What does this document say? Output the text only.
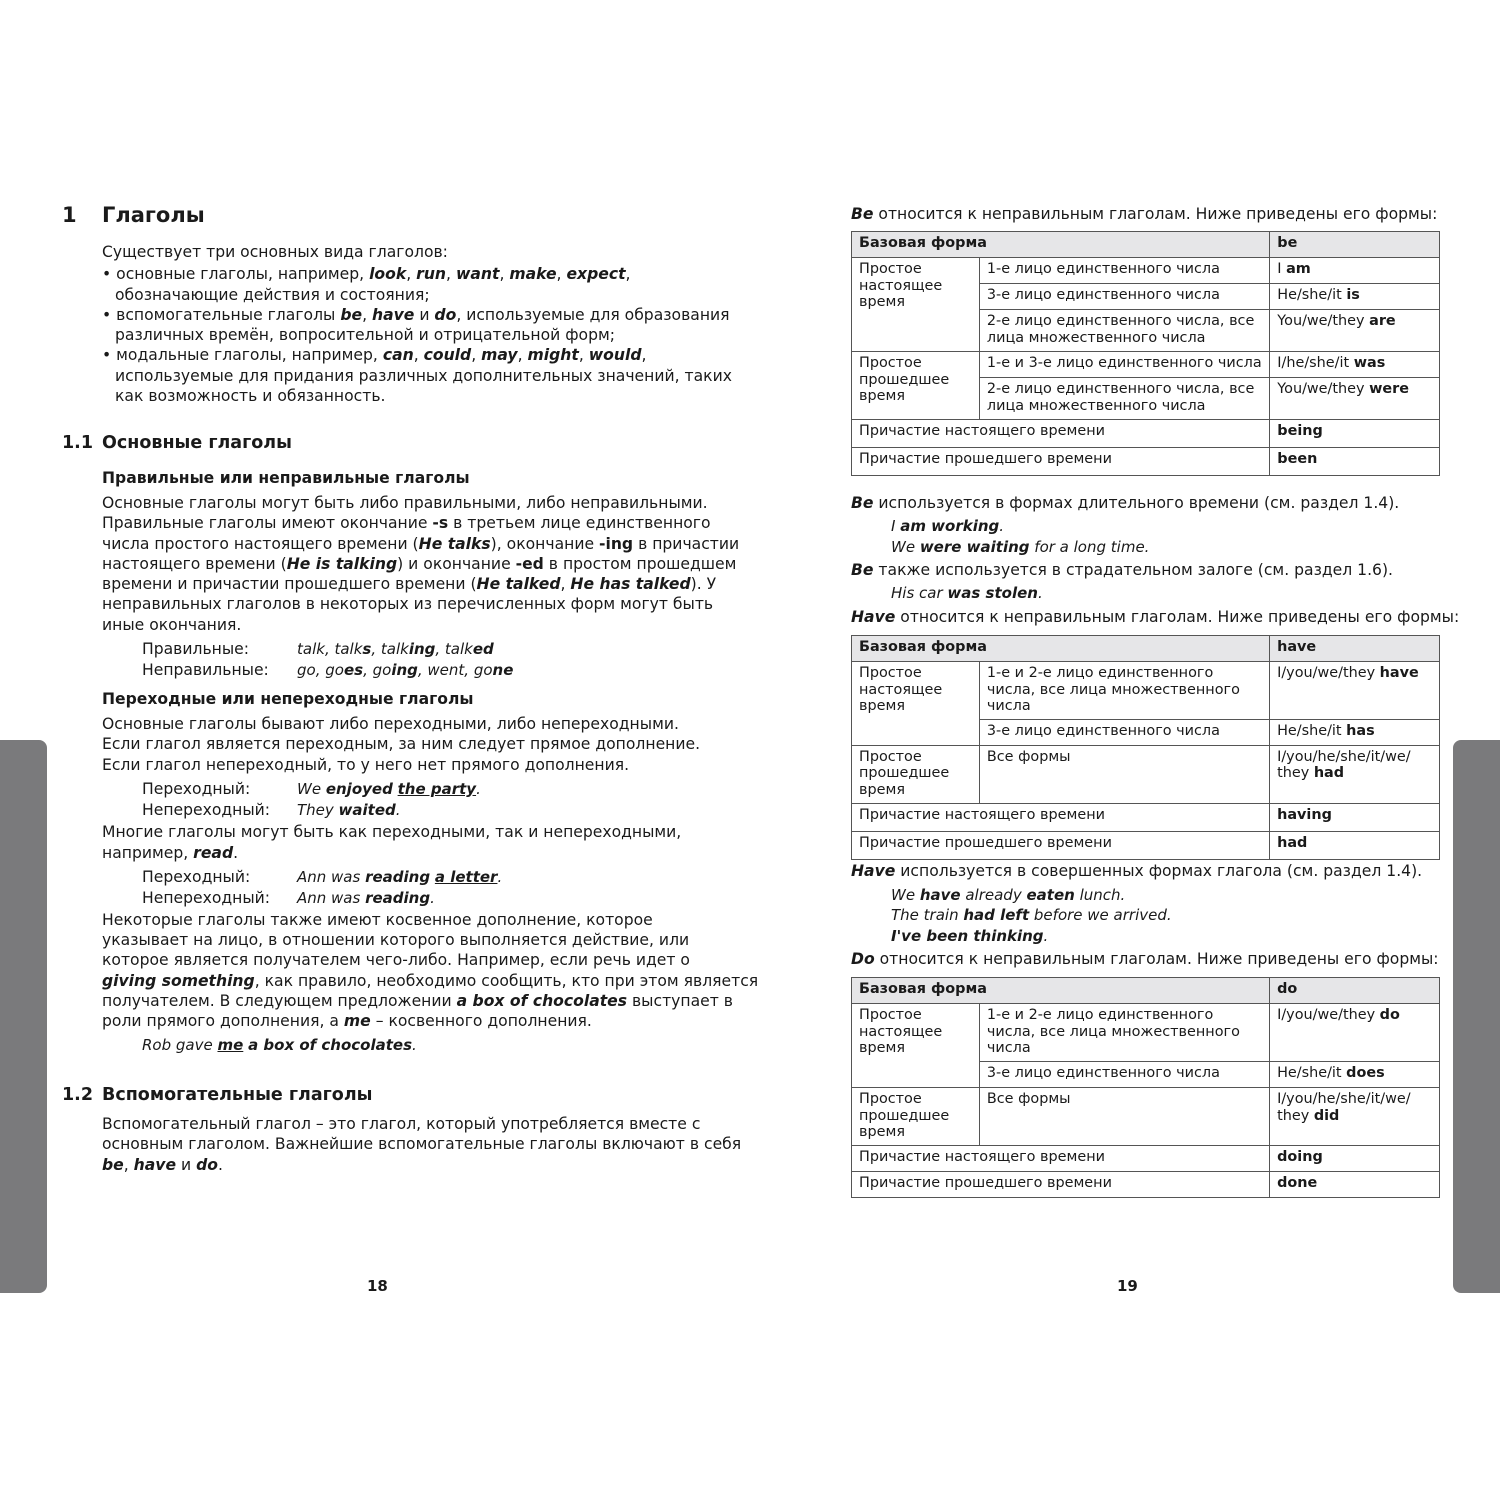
1 Глаголы
Существует три основных вида глаголов:
• основные глаголы, например, look, run, want, make, expect,
обозначающие действия и состояния;
• вспомогательные глаголы be, have и do, используемые для образования
различных времён, вопросительной и отрицательной форм;
• модальные глаголы, например, can, could, may, might, would,
используемые для придания различных дополнительных значений, таких
как возможность и обязанность.
1.1 Основные глаголы
Правильные или неправильные глаголы
Основные глаголы могут быть либо правильными, либо неправильными.
Правильные глаголы имеют окончание -s в третьем лице единственного
числа простого настоящего времени (He talks), окончание -ing в причастии
настоящего времени (He is talking) и окончание -ed в простом прошедшем
времени и причастии прошедшего времени (He talked, He has talked). У
неправильных глаголов в некоторых из перечисленных форм могут быть
иные окончания.
Правильные:	talk, talks, talking, talked
Неправильные: go, goes, going, went, gone
Переходные или непереходные глаголы
Основные глаголы бывают либо переходными, либо непереходными.
Если глагол является переходным, за ним следует прямое дополнение.
Если глагол непереходный, то у него нет прямого дополнения.
Переходный:	We enjoyed the party.
Непереходный: They waited.
Многие глаголы могут быть как переходными, так и непереходными,
например, read.
Переходный:	Ann was reading a letter.
Непереходный: Ann was reading.
Некоторые глаголы также имеют косвенное дополнение, которое
указывает на лицо, в отношении которого выполняется действие, или
которое является получателем чего-либо. Например, если речь идет о
giving something, как правило, необходимо сообщить, кто при этом является
получателем. В следующем предложении a box of chocolates выступает в
роли прямого дополнения, а me – косвенного дополнения.
Rob gave me a box of chocolates.
1.2 Вспомогательные глаголы
Вспомогательный глагол – это глагол, который употребляется вместе с
основным глаголом. Важнейшие вспомогательные глаголы включают в себя
be, have и do.
18
Be относится к неправильным глаголам. Ниже приведены его формы:
Базовая форма		be
Простое настоящее время	1-е лицо единственного числа	I am
	3-е лицо единственного числа	He/she/it is
	2-е лицо единственного числа, все лица множественного числа	You/we/they are
Простое прошедшее время	1-е и 3-е лицо единственного числа	I/he/she/it was
	2-е лицо единственного числа, все лица множественного числа	You/we/they were
Причастие настоящего времени		being
Причастие прошедшего времени		been
Be используется в формах длительного времени (см. раздел 1.4).
I am working.
We were waiting for a long time.
Be также используется в страдательном залоге (см. раздел 1.6).
His car was stolen.
Have относится к неправильным глаголам. Ниже приведены его формы:
Базовая форма		have
Простое настоящее время	1-е и 2-е лицо единственного числа, все лица множественного числа	I/you/we/they have
	3-е лицо единственного числа	He/she/it has
Простое прошедшее время	Все формы	I/you/he/she/it/we/ they had
Причастие настоящего времени		having
Причастие прошедшего времени		had
Have используется в совершенных формах глагола (см. раздел 1.4).
We have already eaten lunch.
The train had left before we arrived.
I've been thinking.
Do относится к неправильным глаголам. Ниже приведены его формы:
Базовая форма		do
Простое настоящее время	1-е и 2-е лицо единственного числа, все лица множественного числа	I/you/we/they do
	3-е лицо единственного числа	He/she/it does
Простое прошедшее время	Все формы	I/you/he/she/it/we/ they did
Причастие настоящего времени		doing
Причастие прошедшего времени		done
19
